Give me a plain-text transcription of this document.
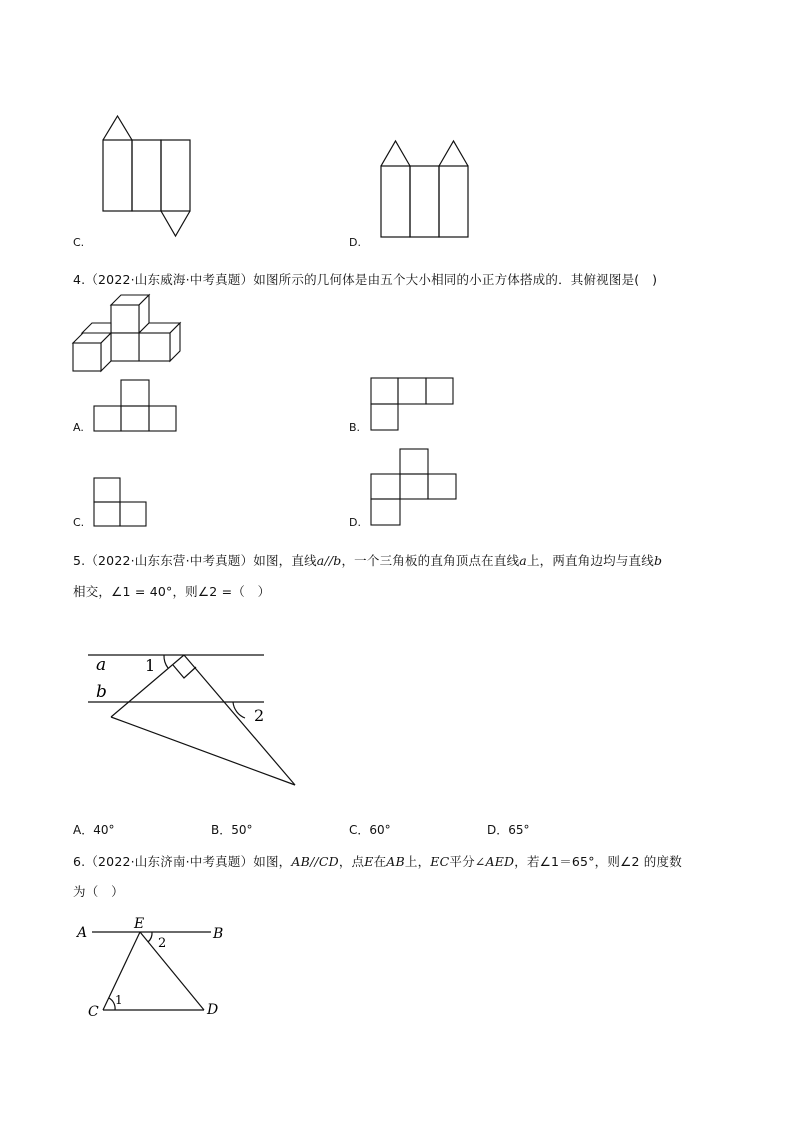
C.	D.
4.（2022·山东威海·中考真题）如图所示的几何体是由五个大小相同的小正方体搭成的．其俯视图是(　)
A.	B.
C.	D.
5.（2022·山东东营·中考真题）如图，直线a//b，一个三角板的直角顶点在直线a上，两直角边均与直线b
相交，∠1 = 40°，则∠2 =（　）
a
b
1
2
A．40°	B．50°	C．60°	D．65°
6.（2022·山东济南·中考真题）如图，AB//CD，点E在AB上，EC平分∠AED，若∠1＝65°，则∠2 的度数
为（　）
A
E
B
2
C
1
D
